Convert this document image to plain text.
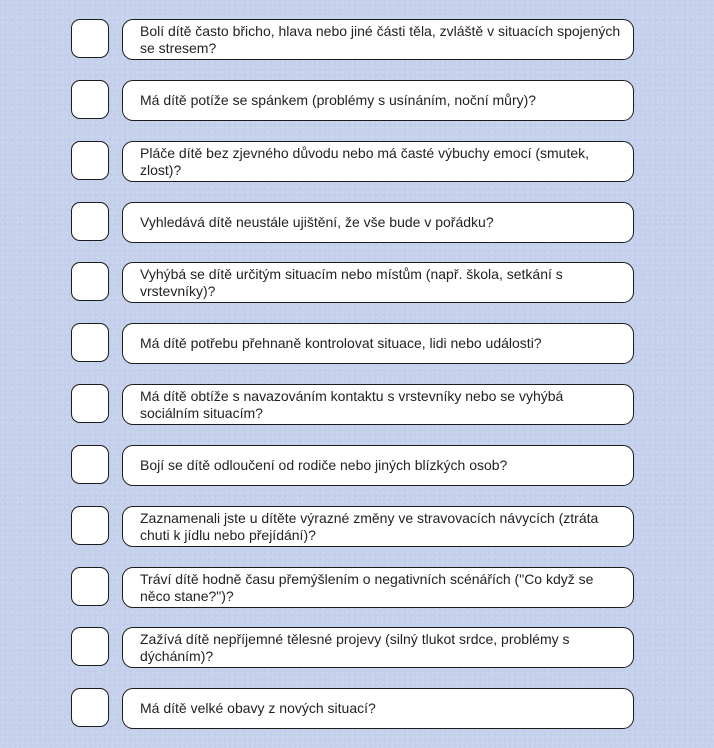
Bolí dítě často břicho, hlava nebo jiné části těla, zvláště v situacích spojených se stresem?
Má dítě potíže se spánkem (problémy s usínáním, noční můry)?
Pláče dítě bez zjevného důvodu nebo má časté výbuchy emocí (smutek, zlost)?
Vyhledává dítě neustále ujištění, že vše bude v pořádku?
Vyhýbá se dítě určitým situacím nebo místům (např. škola, setkání s vrstevníky)?
Má dítě potřebu přehnaně kontrolovat situace, lidi nebo události?
Má dítě obtíže s navazováním kontaktu s vrstevníky nebo se vyhýbá sociálním situacím?
Bojí se dítě odloučení od rodiče nebo jiných blízkých osob?
Zaznamenali jste u dítěte výrazné změny ve stravovacích návycích (ztráta chuti k jídlu nebo přejídání)?
Tráví dítě hodně času přemýšlením o negativních scénářích ("Co když se něco stane?")?
Zažívá dítě nepříjemné tělesné projevy (silný tlukot srdce, problémy s dýcháním)?
Má dítě velké obavy z nových situací?
